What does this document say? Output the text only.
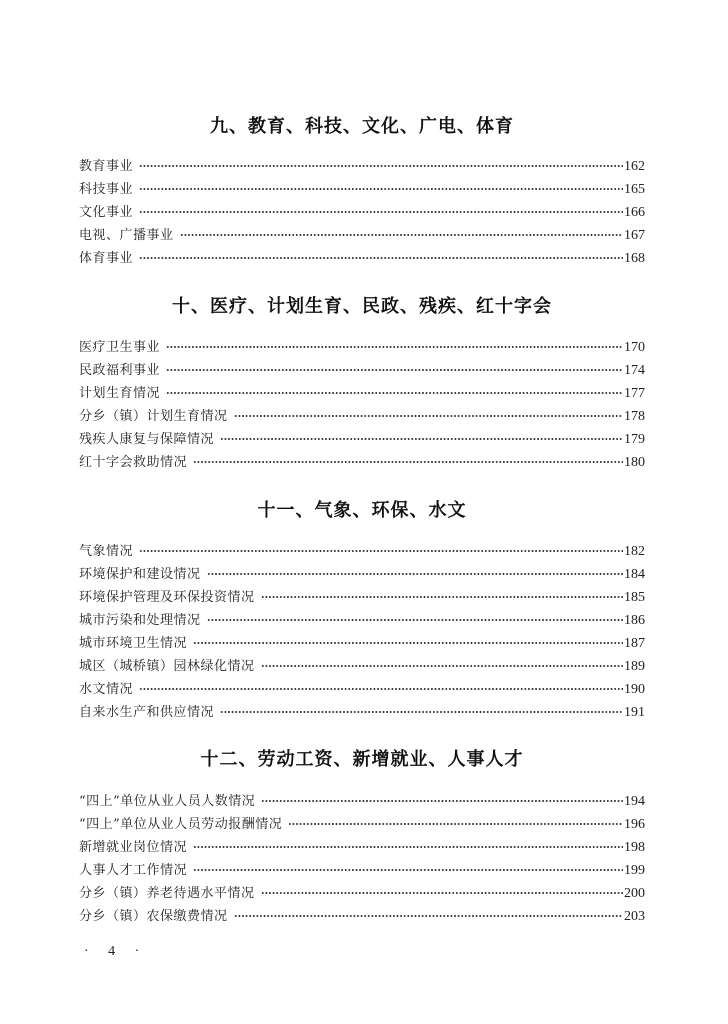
九、教育、科技、文化、广电、体育
教育事业	162
科技事业	165
文化事业	166
电视、广播事业	167
体育事业	168
十、医疗、计划生育、民政、残疾、红十字会
医疗卫生事业	170
民政福利事业	174
计划生育情况	177
分乡（镇）计划生育情况	178
残疾人康复与保障情况	179
红十字会救助情况	180
十一、气象、环保、水文
气象情况	182
环境保护和建设情况	184
环境保护管理及环保投资情况	185
城市污染和处理情况	186
城市环境卫生情况	187
城区（城桥镇）园林绿化情况	189
水文情况	190
自来水生产和供应情况	191
十二、劳动工资、新增就业、人事人才
“四上”单位从业人员人数情况	194
“四上”单位从业人员劳动报酬情况	196
新增就业岗位情况	198
人事人才工作情况	199
分乡（镇）养老待遇水平情况	200
分乡（镇）农保缴费情况	203
· 4 ·
